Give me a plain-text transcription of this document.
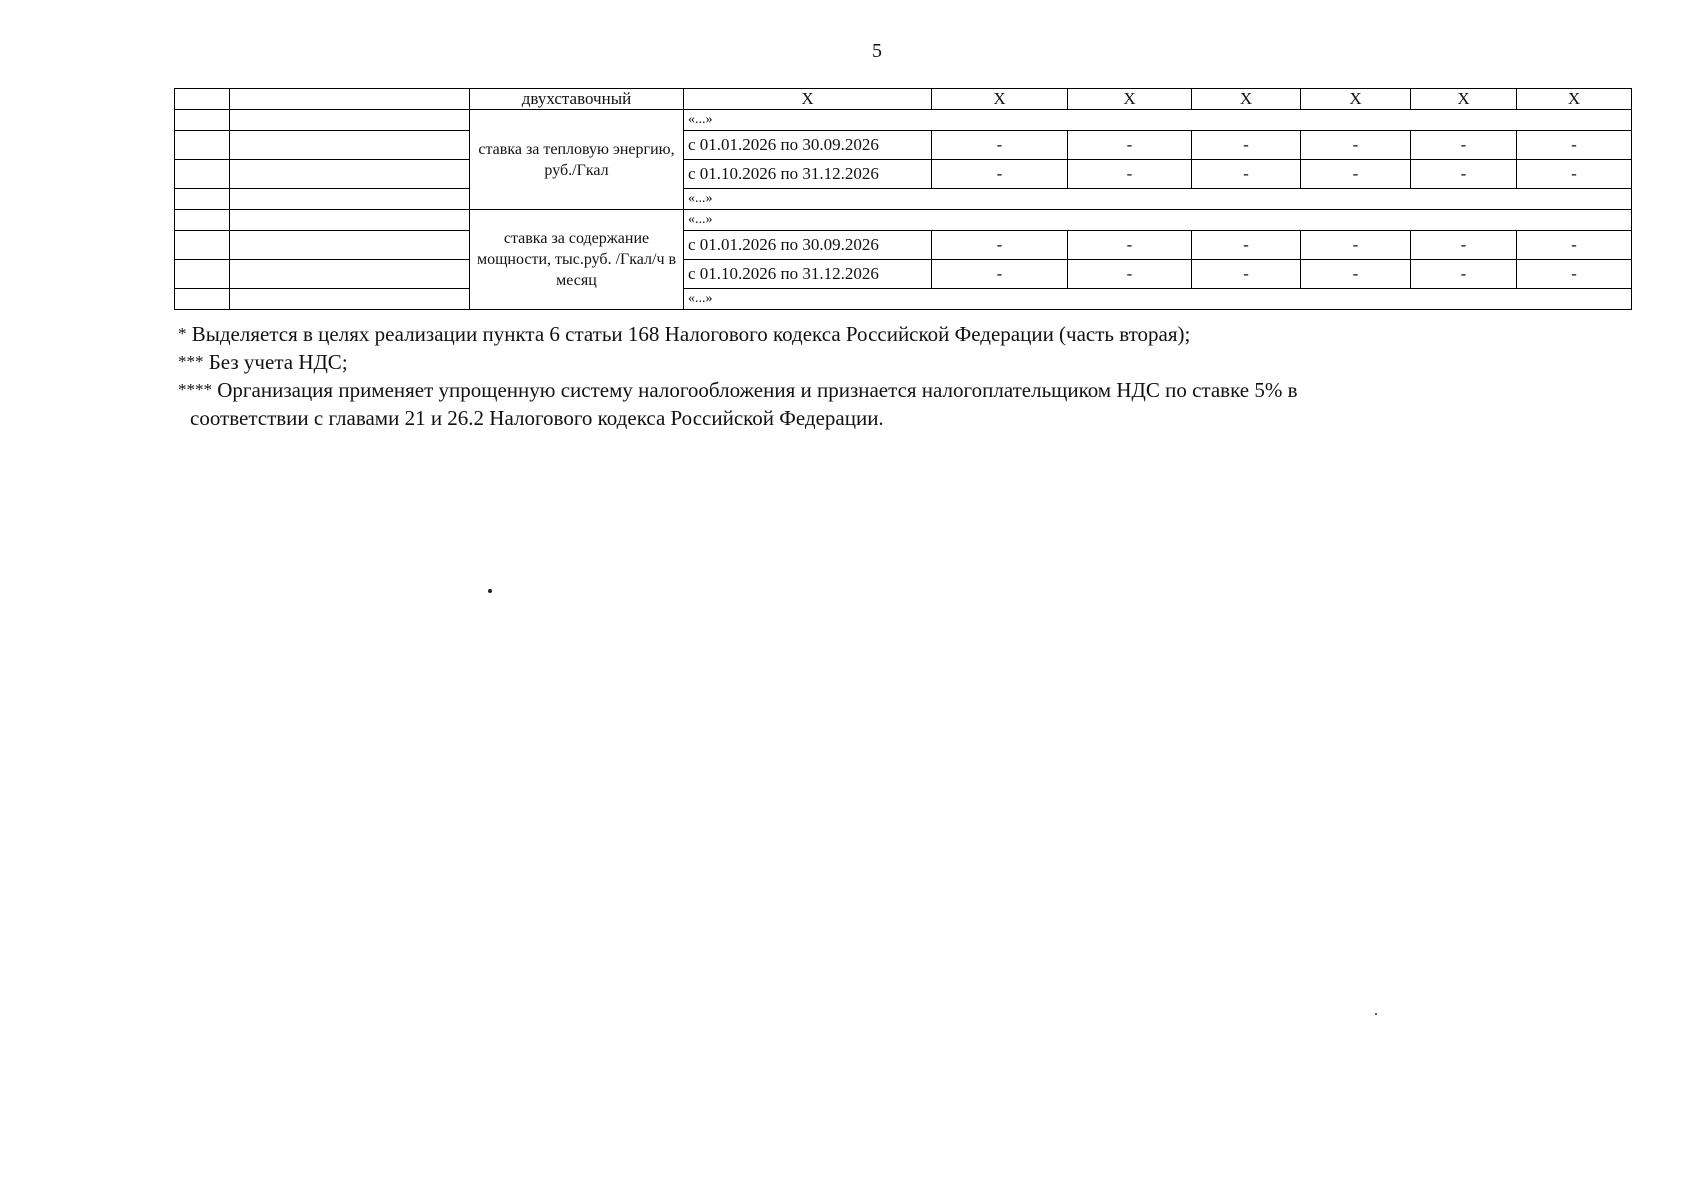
5
		двухставочный	Х	Х	Х	Х	Х	Х	Х
		ставка за тепловую энергию, руб./Гкал	«...»						
			с 01.01.2026 по 30.09.2026	-	-	-	-	-	-
			с 01.10.2026 по 31.12.2026	-	-	-	-	-	-
			«...»						
		ставка за содержание мощности, тыс.руб. /Гкал/ч в месяц	«...»						
			с 01.01.2026 по 30.09.2026	-	-	-	-	-	-
			с 01.10.2026 по 31.12.2026	-	-	-	-	-	-
			«...»						

* Выделяется в целях реализации пункта 6 статьи 168 Налогового кодекса Российской Федерации (часть вторая);

*** Без учета НДС;

**** Организация применяет упрощенную систему налогообложения и признается налогоплательщиком НДС по ставке 5% в

соответствии с главами 21 и 26.2 Налогового кодекса Российской Федерации.
